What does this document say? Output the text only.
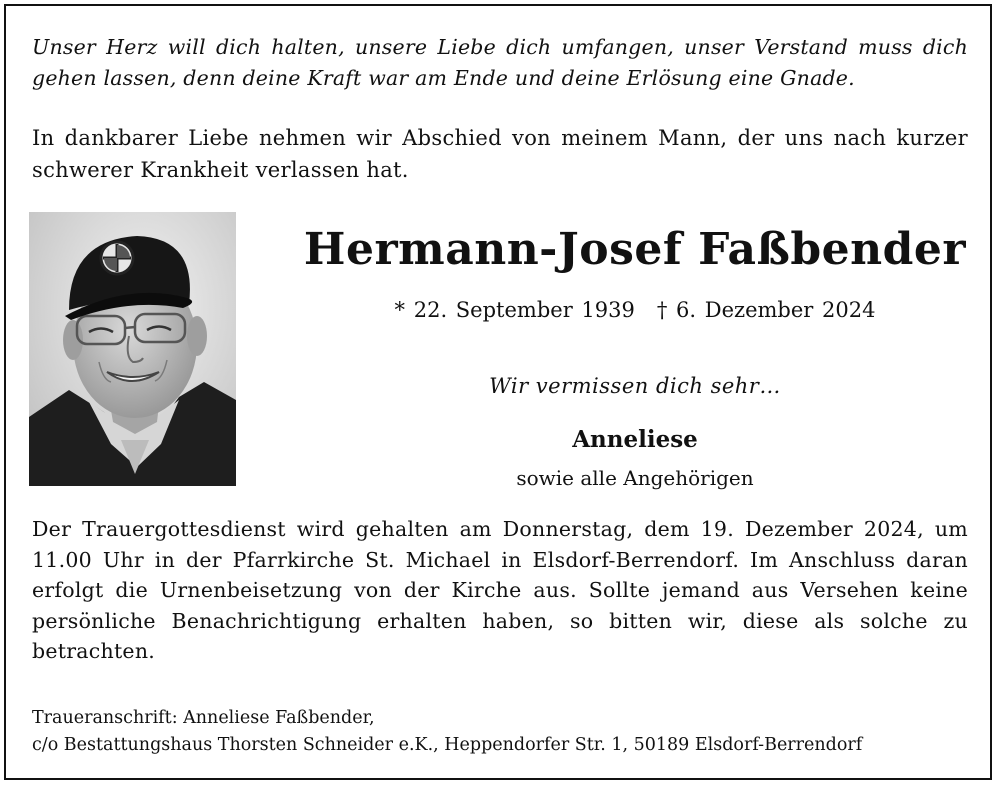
Unser Herz will dich halten, unsere Liebe dich umfangen, unser Verstand muss dich gehen lassen, denn deine Kraft war am Ende und deine Erlösung eine Gnade.

In dankbarer Liebe nehmen wir Abschied von meinem Mann, der uns nach kurzer schwerer Krankheit verlassen hat.

Hermann-Josef Faßbender

* 22. September 1939 † 6. Dezember 2024

Wir vermissen dich sehr…

Anneliese

sowie alle Angehörigen

Der Trauergottesdienst wird gehalten am Donnerstag, dem 19. Dezember 2024, um 11.00 Uhr in der Pfarrkirche St. Michael in Elsdorf-Berrendorf. Im Anschluss daran erfolgt die Urnenbeisetzung von der Kirche aus. Sollte jemand aus Versehen keine persönliche Benachrichtigung erhalten haben, so bitten wir, diese als solche zu betrachten.

Traueranschrift: Anneliese Faßbender,
c/o Bestattungshaus Thorsten Schneider e.K., Heppendorfer Str. 1, 50189 Elsdorf-Berrendorf
